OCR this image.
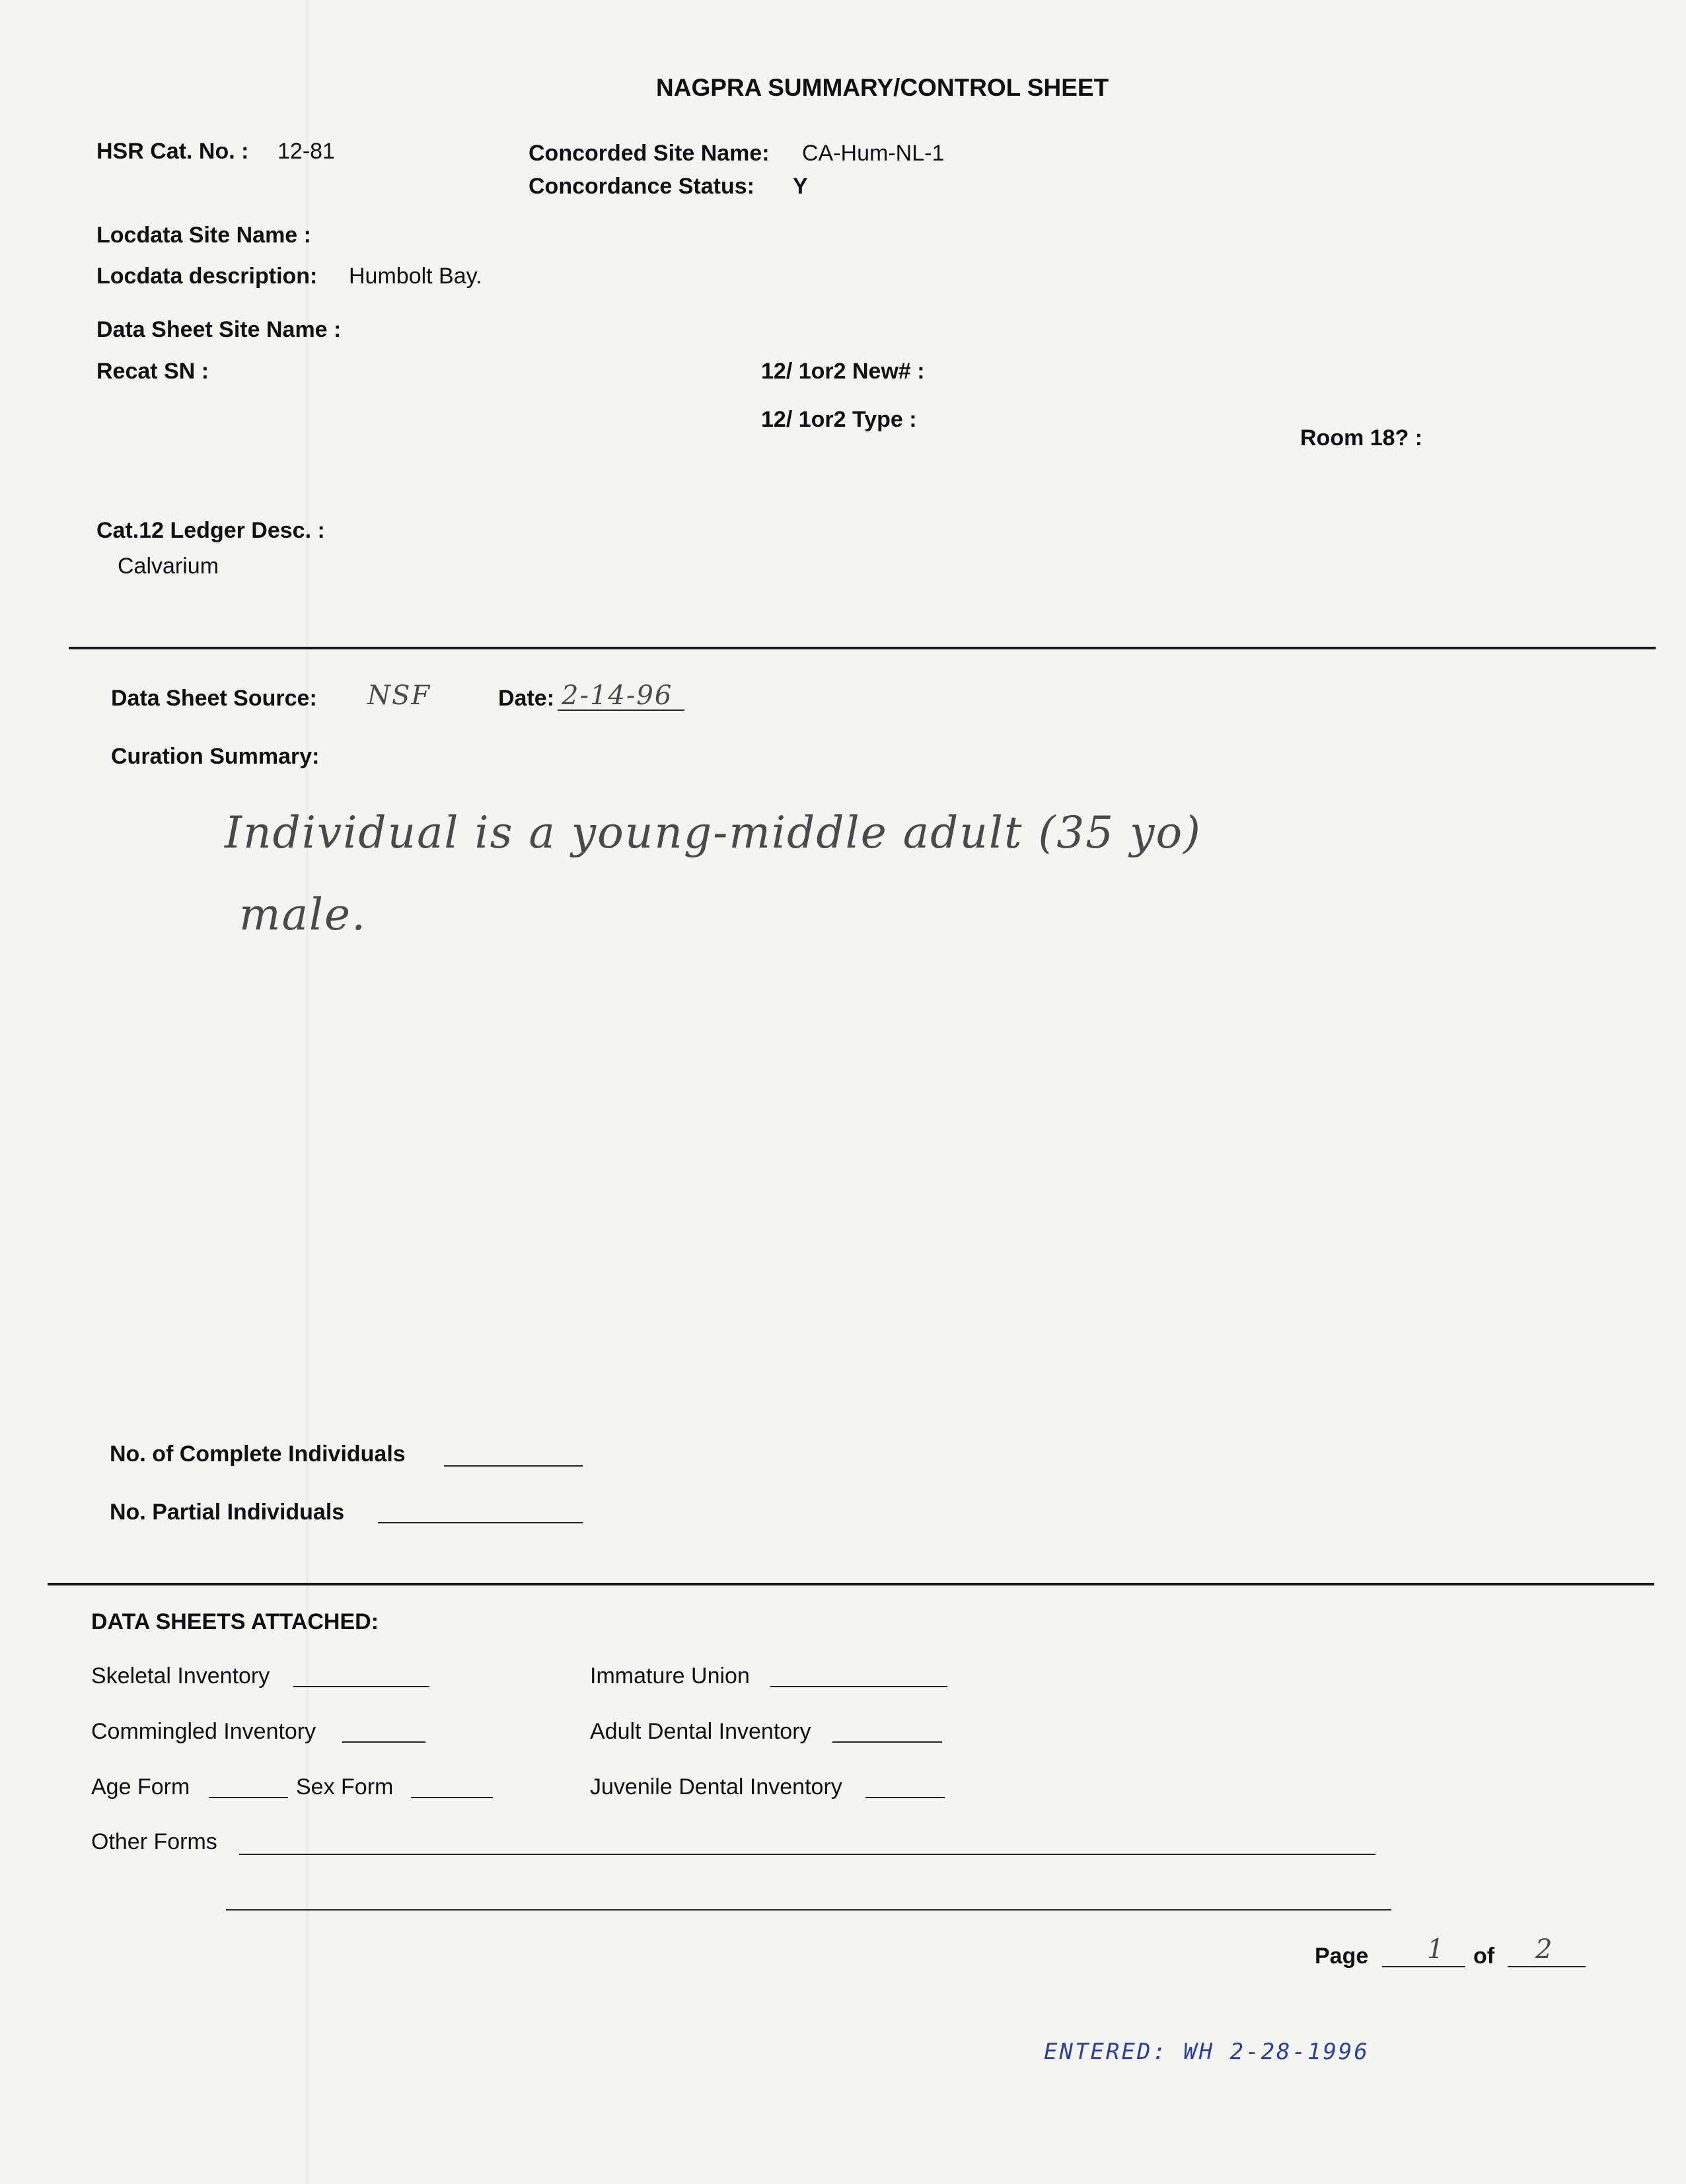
NAGPRA SUMMARY/CONTROL SHEET
HSR Cat. No. : 12-81	Concorded Site Name: CA-Hum-NL-1
Concordance Status: Y
Locdata Site Name :
Locdata description: Humbolt Bay.
Data Sheet Site Name :
Recat SN :	12/ 1or2 New# :
12/ 1or2 Type :
Room 18? :
Cat.12 Ledger Desc. :
Calvarium
Data Sheet Source: NSF	Date: 2-14-96
Curation Summary:
Individual is a young-middle adult (35 yo)
male.
No. of Complete Individuals
No. Partial Individuals
DATA SHEETS ATTACHED:
Skeletal Inventory	Immature Union
Commingled Inventory	Adult Dental Inventory
Age Form	Sex Form	Juvenile Dental Inventory
Other Forms
Page 1 of 2
ENTERED: WH 2-28-1996
